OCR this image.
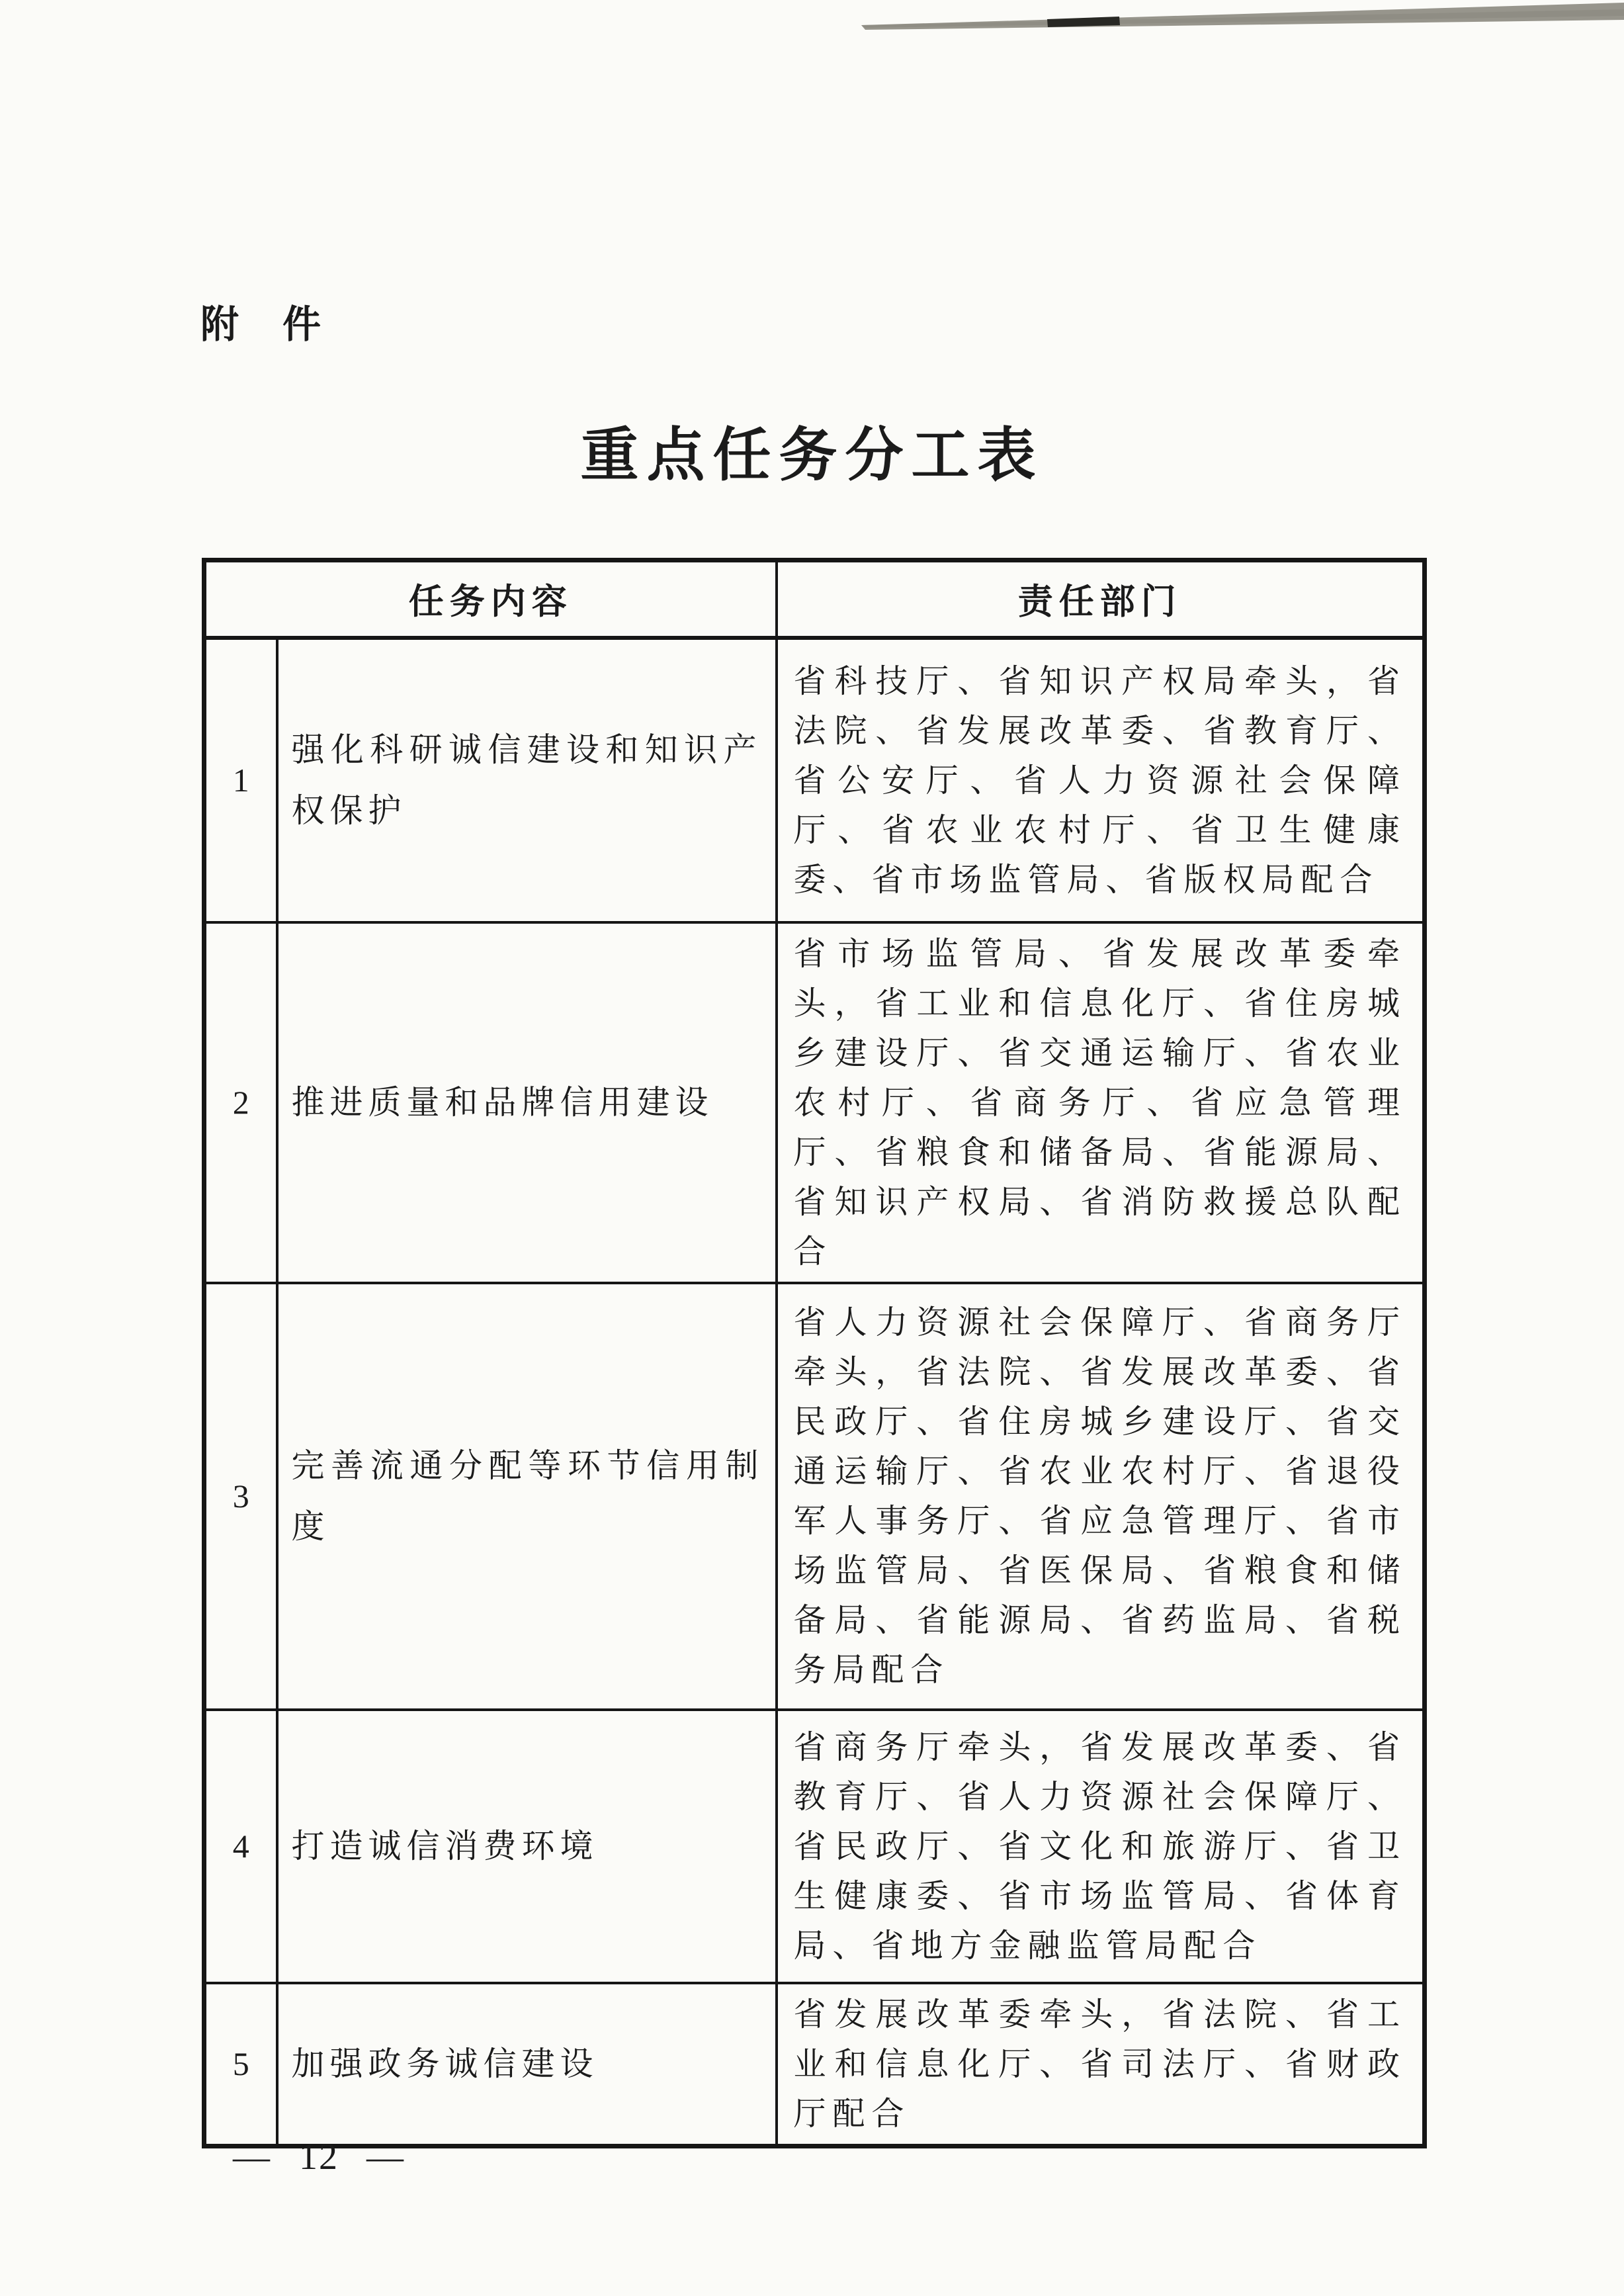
附　件
重点任务分工表
任务内容		责任部门
1	强化科研诚信建设和知识产权保护	省科技厅、省知识产权局牵头，省法院、省发展改革委、省教育厅、省公安厅、省人力资源社会保障厅、省农业农村厅、省卫生健康委、省市场监管局、省版权局配合
2	推进质量和品牌信用建设	省市场监管局、省发展改革委牵头，省工业和信息化厅、省住房城乡建设厅、省交通运输厅、省农业农村厅、省商务厅、省应急管理厅、省粮食和储备局、省能源局、省知识产权局、省消防救援总队配合
3	完善流通分配等环节信用制度	省人力资源社会保障厅、省商务厅牵头，省法院、省发展改革委、省民政厅、省住房城乡建设厅、省交通运输厅、省农业农村厅、省退役军人事务厅、省应急管理厅、省市场监管局、省医保局、省粮食和储备局、省能源局、省药监局、省税务局配合
4	打造诚信消费环境	省商务厅牵头，省发展改革委、省教育厅、省人力资源社会保障厅、省民政厅、省文化和旅游厅、省卫生健康委、省市场监管局、省体育局、省地方金融监管局配合
5	加强政务诚信建设	省发展改革委牵头，省法院、省工业和信息化厅、省司法厅、省财政厅配合
— 12 —
